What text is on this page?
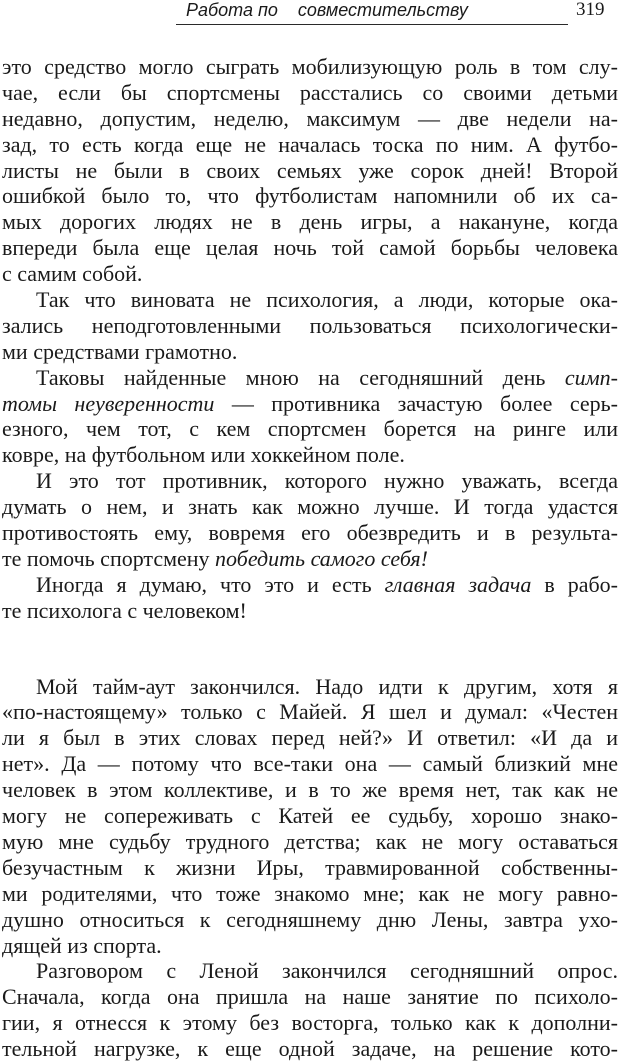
Работа по    совместительству	319
это средство могло сыграть мобилизующую роль в том слу-
чае, если бы спортсмены расстались со своими детьми
недавно, допустим, неделю, максимум — две недели на-
зад, то есть когда еще не началась тоска по ним. А футбо-
листы не были в своих семьях уже сорок дней! Второй
ошибкой было то, что футболистам напомнили об их са-
мых дорогих людях не в день игры, а накануне, когда
впереди была еще целая ночь той самой борьбы человека
с самим собой.
Так что виновата не психология, а люди, которые ока-
зались неподготовленными пользоваться психологически-
ми средствами грамотно.
Таковы найденные мною на сегодняшний день симп-
томы неуверенности — противника зачастую более серь-
езного, чем тот, с кем спортсмен борется на ринге или
ковре, на футбольном или хоккейном поле.
И это тот противник, которого нужно уважать, всегда
думать о нем, и знать как можно лучше. И тогда удастся
противостоять ему, вовремя его обезвредить и в результа-
те помочь спортсмену победить самого себя!
Иногда я думаю, что это и есть главная задача в рабо-
те психолога с человеком!
Мой тайм-аут закончился. Надо идти к другим, хотя я
«по-настоящему» только с Майей. Я шел и думал: «Честен
ли я был в этих словах перед ней?» И ответил: «И да и
нет». Да — потому что все-таки она — самый близкий мне
человек в этом коллективе, и в то же время нет, так как не
могу не сопереживать с Катей ее судьбу, хорошо знако-
мую мне судьбу трудного детства; как не могу оставаться
безучастным к жизни Иры, травмированной собственны-
ми родителями, что тоже знакомо мне; как не могу равно-
душно относиться к сегодняшнему дню Лены, завтра ухо-
дящей из спорта.
Разговором с Леной закончился сегодняшний опрос.
Сначала, когда она пришла на наше занятие по психоло-
гии, я отнесся к этому без восторга, только как к дополни-
тельной нагрузке, к еще одной задаче, на решение кото-
